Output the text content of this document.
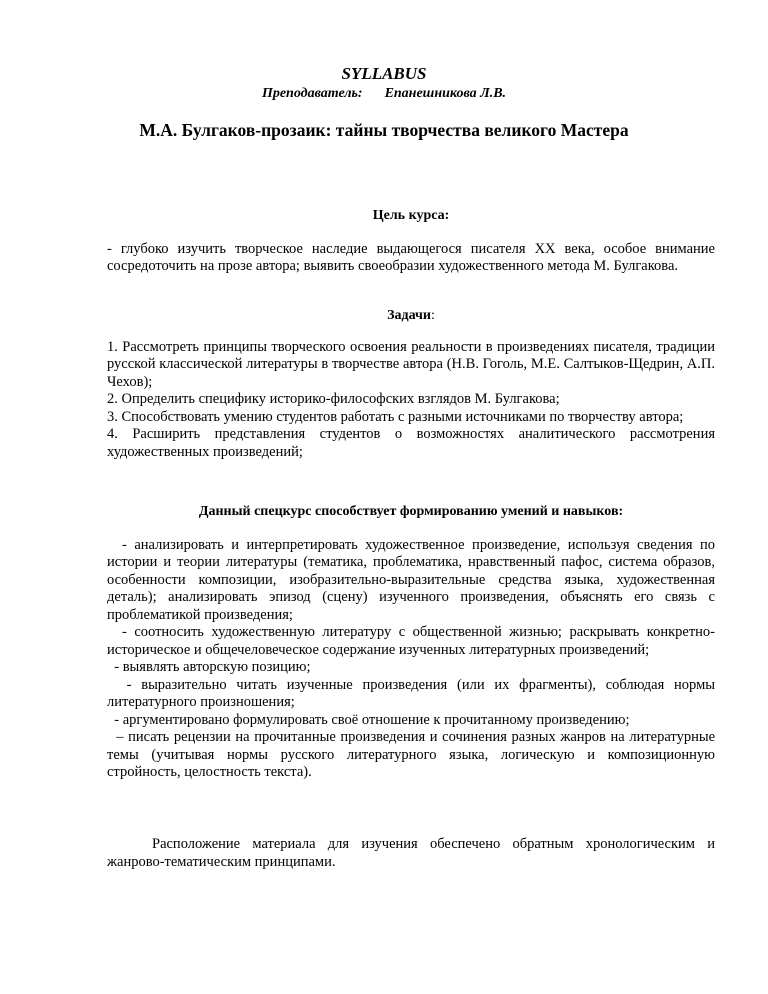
SYLLABUS
Преподаватель: Епанешникова Л.В.
М.А. Булгаков-прозаик: тайны творчества великого Мастера

Цель курса:

- глубоко изучить творческое наследие выдающегося писателя XX века, особое внимание сосредоточить на прозе автора; выявить своеобразии художественного метода М. Булгакова.

Задачи:

1. Рассмотреть принципы творческого освоения реальности в произведениях писателя, традиции русской классической литературы в творчестве автора (Н.В. Гоголь, М.Е. Салтыков-Щедрин, А.П. Чехов);

2. Определить специфику историко-философских взглядов М. Булгакова;

3. Способствовать умению студентов работать с разными источниками по творчеству автора;

4. Расширить представления студентов о возможностях аналитического рассмотрения художественных произведений;

Данный спецкурс способствует формированию умений и навыков:

- анализировать и интерпретировать художественное произведение, используя сведения по истории и теории литературы (тематика, проблематика, нравственный пафос, система образов, особенности композиции, изобразительно-выразительные средства языка, художественная деталь); анализировать эпизод (сцену) изученного произведения, объяснять его связь с проблематикой произведения;

- соотносить художественную литературу с общественной жизнью; раскрывать конкретно-историческое и общечеловеческое содержание изученных литературных произведений;

- выявлять авторскую позицию;

- выразительно читать изученные произведения (или их фрагменты), соблюдая нормы литературного произношения;

- аргументировано формулировать своё отношение к прочитанному произведению;

– писать рецензии на прочитанные произведения и сочинения разных жанров на литературные темы (учитывая нормы русского литературного языка, логическую и композиционную стройность, целостность текста).

Расположение материала для изучения обеспечено обратным хронологическим и жанрово-тематическим принципами.
